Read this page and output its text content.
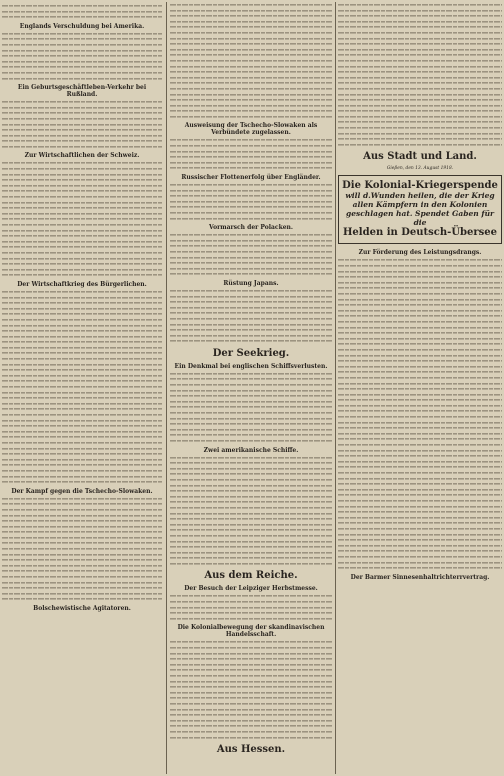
Englands Verschuldung bei Amerika.
Ein Geburtsgeschäftleben-Verkehr bei Rußland.
Zur Wirtschaftlichen der Schweiz.
Der Wirtschaftkrieg des Bürgerlichen.
Der Kampf gegen die Tschecho-Slowaken.
Bolschewistische Agitatoren.
Ausweisung der Tschecho-Slowaken als Verbündete zugelassen.
Russischer Flottenerfolg über Engländer.
Vormarsch der Polacken.
Rüstung Japans.
Der Seekrieg.
Ein Denkmal bei englischen Schiffsverlusten.
Zwei amerikanische Schiffe.
Aus dem Reiche.
Der Besuch der Leipziger Herbstmesse.
Die Kolonialbewegung der skandinavischen Handelsschaft.
Aus Hessen.
Aus Stadt und Land.
Gießen, den 13. August 1918.
Die Kolonial-Kriegerspende
will d.Wunden heilen, die der Krieg allen Kämpfern in den Kolonien geschlagen hat. Spendet Gaben für die
Helden in Deutsch-Übersee
Zur Förderung des Leistungsdrangs.
Der Barmer Sinnesenhaltrichterrvertrag.
